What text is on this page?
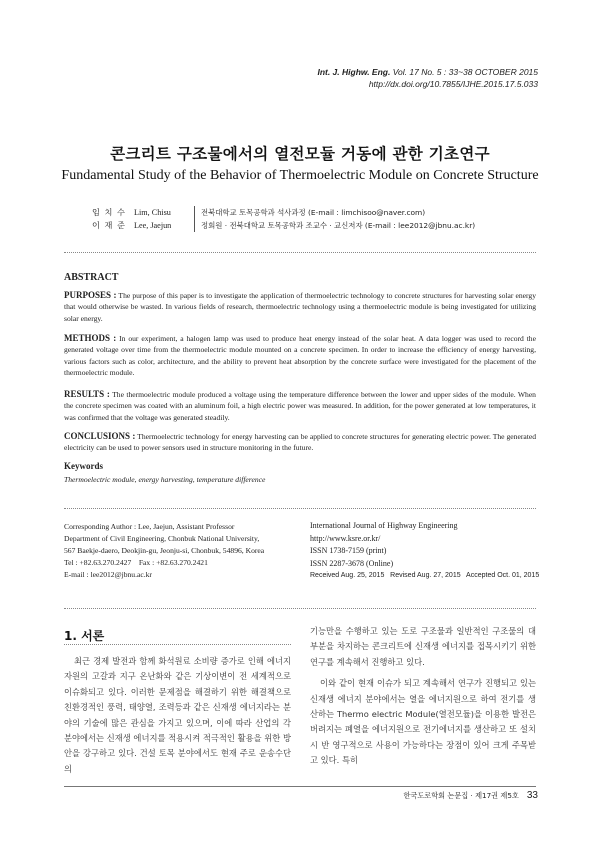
Int. J. Highw. Eng. Vol. 17 No. 5 : 33~38 OCTOBER 2015
http://dx.doi.org/10.7855/IJHE.2015.17.5.033
콘크리트 구조물에서의 열전모듈 거동에 관한 기초연구
Fundamental Study of the Behavior of Thermoelectric Module on Concrete Structure
임 치 수 Lim, Chisu
이 재 준 Lee, Jaejun
전북대학교 토목공학과 석사과정 (E-mail : limchisoo@naver.com)
정회원 · 전북대학교 토목공학과 조교수 · 교신저자 (E-mail : lee2012@jbnu.ac.kr)
ABSTRACT
PURPOSES : The purpose of this paper is to investigate the application of thermoelectric technology to concrete structures for harvesting solar energy that would otherwise be wasted. In various fields of research, thermoelectric technology using a thermoelectric module is being investigated for utilizing solar energy.
METHODS : In our experiment, a halogen lamp was used to produce heat energy instead of the solar heat. A data logger was used to record the generated voltage over time from the thermoelectric module mounted on a concrete specimen. In order to increase the efficiency of energy harvesting, various factors such as color, architecture, and the ability to prevent heat absorption by the concrete surface were investigated for the placement of the thermoelectric module.
RESULTS : The thermoelectric module produced a voltage using the temperature difference between the lower and upper sides of the module. When the concrete specimen was coated with an aluminum foil, a high electric power was measured. In addition, for the power generated at low temperatures, it was confirmed that the voltage was generated steadily.
CONCLUSIONS : Thermoelectric technology for energy harvesting can be applied to concrete structures for generating electric power. The generated electricity can be used to power sensors used in structure monitoring in the future.
Keywords
Thermoelectric module, energy harvesting, temperature difference
Corresponding Author : Lee, Jaejun, Assistant Professor
Department of Civil Engineering, Chonbuk National University,
567 Baekje-daero, Deokjin-gu, Jeonju-si, Chonbuk, 54896, Korea
Tel : +82.63.270.2427    Fax : +82.63.270.2421
E-mail : lee2012@jbnu.ac.kr
International Journal of Highway Engineering
http://www.ksre.or.kr/
ISSN 1738-7159 (print)
ISSN 2287-3678 (Online)
Received Aug. 25, 2015   Revised Aug. 27, 2015   Accepted Oct. 01, 2015
1. 서론

최근 경제 발전과 함께 화석원료 소비량 증가로 인해 에너지 자원의 고갈과 지구 온난화와 같은 기상이변이 전 세계적으로 이슈화되고 있다. 이러한 문제점을 해결하기 위한 해결책으로 친환경적인 풍력, 태양열, 조력등과 같은 신재생 에너지라는 분야의 기술에 많은 관심을 가지고 있으며, 이에 따라 산업의 각 분야에서는 신재생 에너지를 적용시켜 적극적인 활용을 위한 방안을 강구하고 있다. 건설 토목 분야에서도 현재 주로 운송수단의

기능만을 수행하고 있는 도로 구조물과 일반적인 구조물의 대부분을 차지하는 콘크리트에 신재생 에너지를 접목시키기 위한 연구를 계속해서 진행하고 있다.

이와 같이 현재 이슈가 되고 계속해서 연구가 진행되고 있는 신재생 에너지 분야에서는 열을 에너지원으로 하여 전기를 생산하는 Thermo electric Module(열전모듈)을 이용한 발전은 버려지는 폐열을 에너지원으로 전기에너지를 생산하고 또 설치 시 반 영구적으로 사용이 가능하다는 장점이 있어 크게 주목받고 있다. 특히

한국도로학회 논문집 · 제17권 제5호 33
